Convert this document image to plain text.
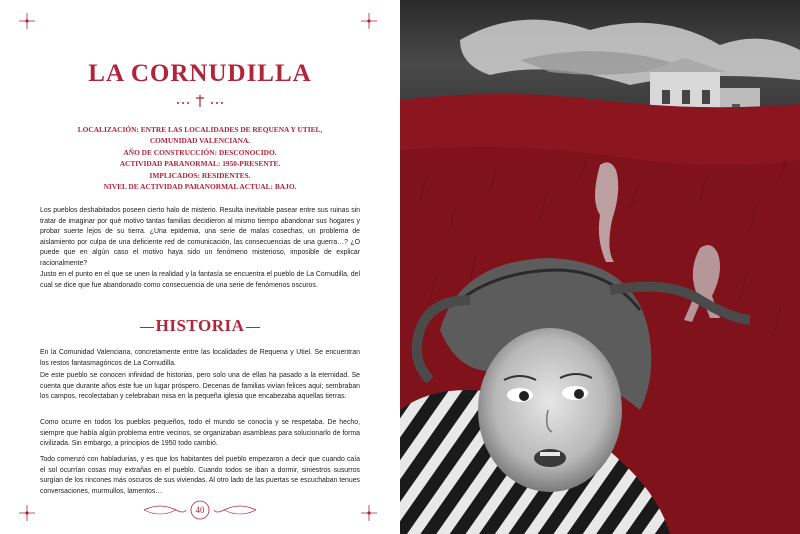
LA CORNUDILLA
LOCALIZACIÓN: ENTRE LAS LOCALIDADES DE REQUENA Y UTIEL,
COMUNIDAD VALENCIANA.
AÑO DE CONSTRUCCIÓN: DESCONOCIDO.
ACTIVIDAD PARANORMAL: 1950-PRESENTE.
IMPLICADOS: RESIDENTES.
NIVEL DE ACTIVIDAD PARANORMAL ACTUAL: BAJO.

Los pueblos deshabitados poseen cierto halo de misterio. Resulta inevitable pasear entre sus ruinas sin tratar de imaginar por qué motivo tantas familias decidieron al mismo tiempo abandonar sus hogares y probar suerte lejos de su tierra. ¿Una epidemia, una serie de malas cosechas, un problema de aislamiento por culpa de una deficiente red de comunicación, las consecuencias de una guerra…? ¿O puede que en algún caso el motivo haya sido un fenómeno misterioso, imposible de explicar racionalmente?

Justo en el punto en el que se unen la realidad y la fantasía se encuentra el pueblo de La Cornudilla, del cual se dice que fue abandonado como consecuencia de una serie de fenómenos oscuros.

HISTORIA

En la Comunidad Valenciana, concretamente entre las localidades de Requena y Utiel. Se encuentran los restos fantasmagóricos de La Cornudilla.

De este pueblo se conocen infinidad de historias, pero solo una de ellas ha pasado a la eternidad. Se cuenta que durante años este fue un lugar próspero. Decenas de familias vivían felices aquí; sembraban los campos, recolectaban y celebraban misa en la pequeña iglesia que encabezaba aquellas tierras.

Como ocurre en todos los pueblos pequeños, todo el mundo se conocía y se respetaba. De hecho, siempre que había algún problema entre vecinos, se organizaban asambleas para solucionarlo de forma civilizada. Sin embargo, a principios de 1950 todo cambió.

Todo comenzó con habladurías, y es que los habitantes del pueblo empezaron a decir que cuando caía el sol ocurrían cosas muy extrañas en el pueblo. Cuando todos se iban a dormir, siniestros susurros surgían de los rincones más oscuros de sus viviendas. Al otro lado de las puertas se escuchaban tenues conversaciones, murmullos, lamentos…

40
